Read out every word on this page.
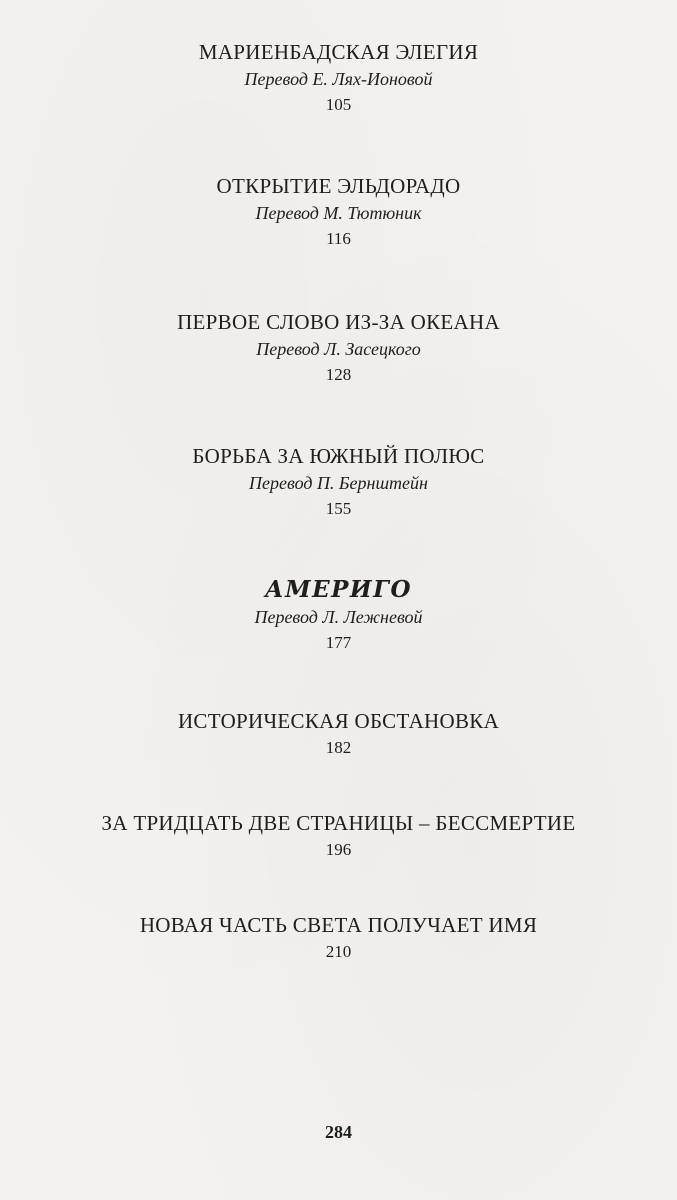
МАРИЕНБАДСКАЯ ЭЛЕГИЯ
Перевод Е. Лях-Ионовой
105
ОТКРЫТИЕ ЭЛЬДОРАДО
Перевод М. Тютюник
116
ПЕРВОЕ СЛОВО ИЗ-ЗА ОКЕАНА
Перевод Л. Засецкого
128
БОРЬБА ЗА ЮЖНЫЙ ПОЛЮС
Перевод П. Бернштейн
155
АМЕРИГО
Перевод Л. Лежневой
177
ИСТОРИЧЕСКАЯ ОБСТАНОВКА
182
ЗА ТРИДЦАТЬ ДВЕ СТРАНИЦЫ – БЕССМЕРТИЕ
196
НОВАЯ ЧАСТЬ СВЕТА ПОЛУЧАЕТ ИМЯ
210
284
